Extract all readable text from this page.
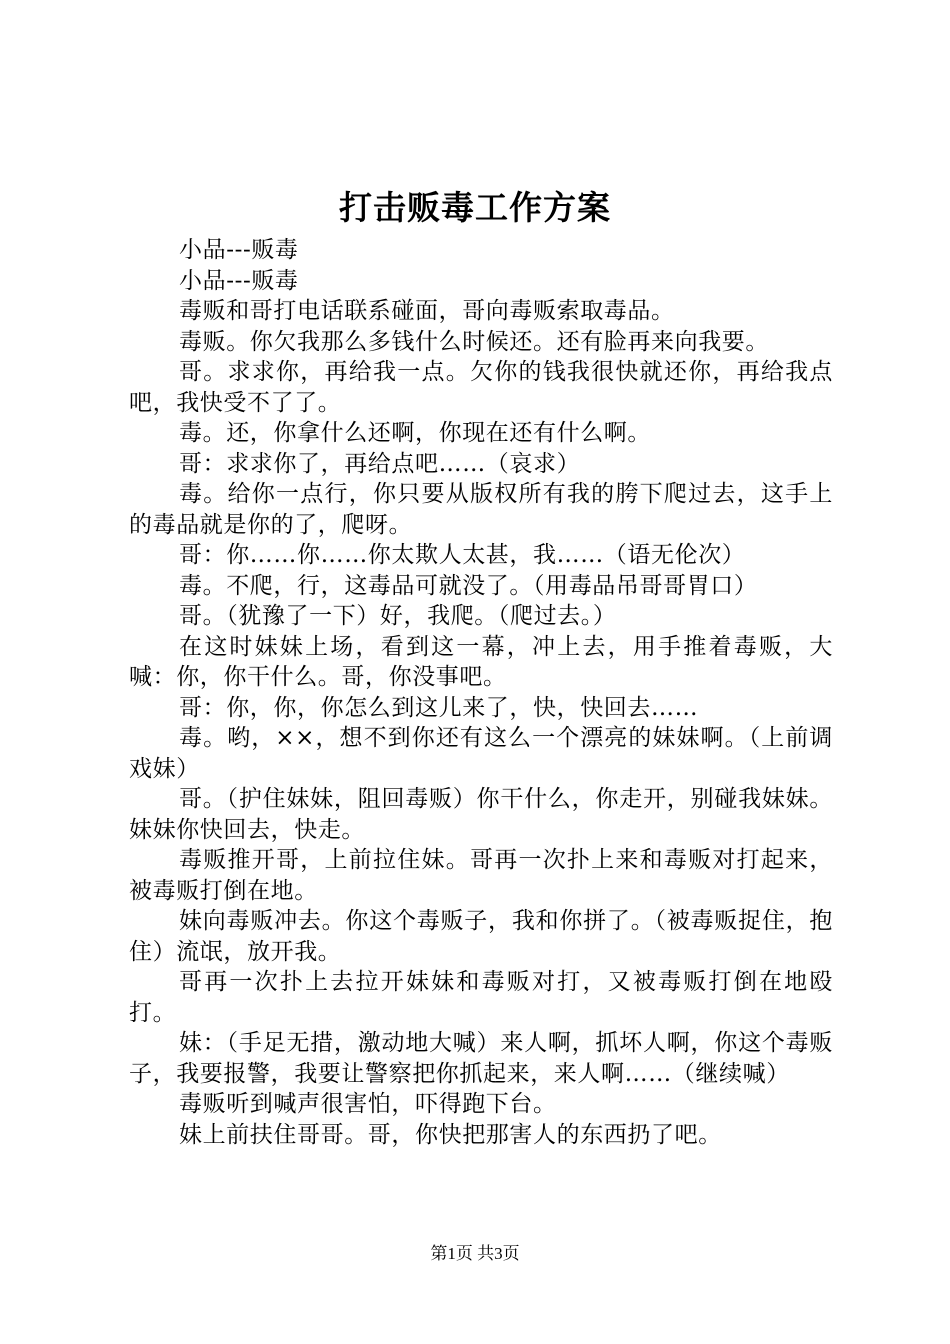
打击贩毒工作方案

小品---贩毒

小品---贩毒

毒贩和哥打电话联系碰面，哥向毒贩索取毒品。

毒贩。你欠我那么多钱什么时候还。还有脸再来向我要。

哥。求求你，再给我一点。欠你的钱我很快就还你，再给我点吧，我快受不了了。

毒。还，你拿什么还啊，你现在还有什么啊。

哥：求求你了，再给点吧……（哀求）

毒。给你一点行，你只要从版权所有我的胯下爬过去，这手上的毒品就是你的了，爬呀。

哥：你……你……你太欺人太甚，我……（语无伦次）

毒。不爬，行，这毒品可就没了。（用毒品吊哥哥胃口）

哥。（犹豫了一下）好，我爬。（爬过去。）

在这时妹妹上场，看到这一幕，冲上去，用手推着毒贩，大喊：你，你干什么。哥，你没事吧。

哥：你，你，你怎么到这儿来了，快，快回去……

毒。哟，××，想不到你还有这么一个漂亮的妹妹啊。（上前调戏妹）

哥。（护住妹妹，阻回毒贩）你干什么，你走开，别碰我妹妹。妹妹你快回去，快走。

毒贩推开哥，上前拉住妹。哥再一次扑上来和毒贩对打起来，被毒贩打倒在地。

妹向毒贩冲去。你这个毒贩子，我和你拼了。（被毒贩捉住，抱住）流氓，放开我。

哥再一次扑上去拉开妹妹和毒贩对打，又被毒贩打倒在地殴打。

妹：（手足无措，激动地大喊）来人啊，抓坏人啊，你这个毒贩子，我要报警，我要让警察把你抓起来，来人啊……（继续喊）

毒贩听到喊声很害怕，吓得跑下台。

妹上前扶住哥哥。哥，你快把那害人的东西扔了吧。

第1页 共3页
